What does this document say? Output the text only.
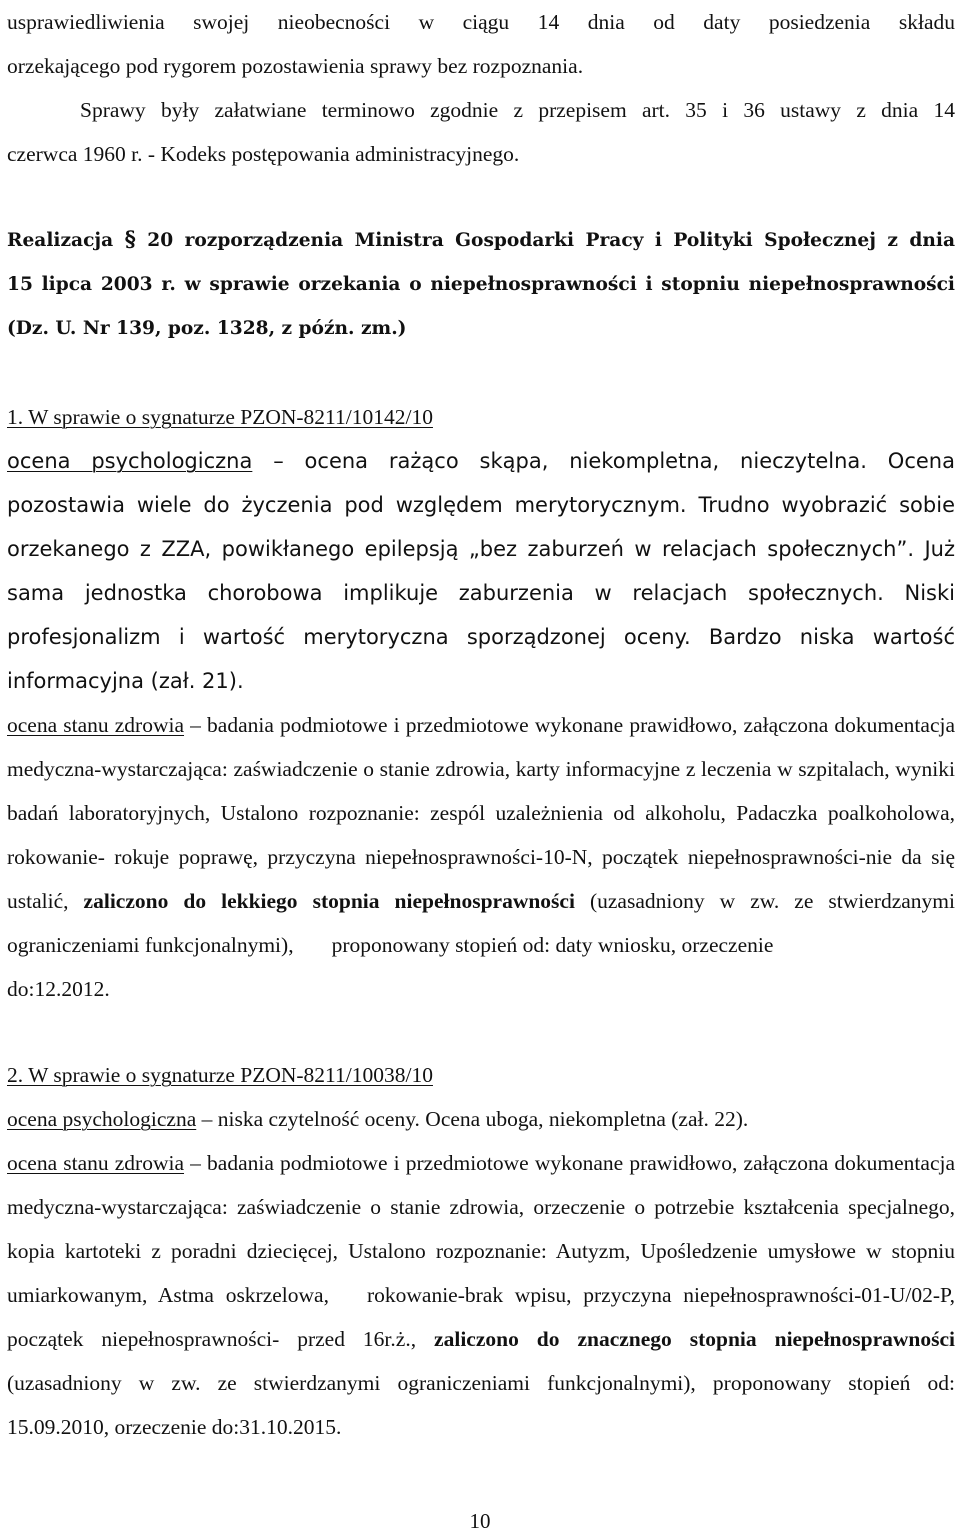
usprawiedliwienia swojej nieobecności w ciągu 14 dnia od daty posiedzenia składu

orzekającego pod rygorem pozostawienia sprawy bez rozpoznania.

Sprawy były załatwiane terminowo zgodnie z przepisem art. 35 i 36 ustawy z dnia 14

czerwca 1960 r. - Kodeks postępowania administracyjnego.

Realizacja § 20 rozporządzenia Ministra Gospodarki Pracy i Polityki Społecznej z dnia

15 lipca 2003 r. w sprawie orzekania o niepełnosprawności i stopniu niepełnosprawności

(Dz. U. Nr 139, poz. 1328, z późn. zm.)

1. W sprawie o sygnaturze PZON-8211/10142/10

ocena psychologiczna – ocena rażąco skąpa, niekompletna, nieczytelna. Ocena pozostawia wiele do życzenia pod względem merytorycznym. Trudno wyobrazić sobie orzekanego z ZZA, powikłanego epilepsją „bez zaburzeń w relacjach społecznych”. Już sama jednostka chorobowa implikuje zaburzenia w relacjach społecznych. Niski profesjonalizm i wartość merytoryczna sporządzonej oceny. Bardzo niska wartość informacyjna (zał. 21).

ocena stanu zdrowia – badania podmiotowe i przedmiotowe wykonane prawidłowo, załączona dokumentacja medyczna-wystarczająca: zaświadczenie o stanie zdrowia, karty informacyjne z leczenia w szpitalach, wyniki badań laboratoryjnych, Ustalono rozpoznanie: zespól uzależnienia od alkoholu, Padaczka poalkoholowa, rokowanie- rokuje poprawę, przyczyna niepełnosprawności-10-N, początek niepełnosprawności-nie da się ustalić, zaliczono do lekkiego stopnia niepełnosprawności (uzasadniony w zw. ze stwierdzanymi ograniczeniami funkcjonalnymi), proponowany stopień od: daty wniosku, orzeczenie

do:12.2012.

2. W sprawie o sygnaturze PZON-8211/10038/10

ocena psychologiczna – niska czytelność oceny. Ocena uboga, niekompletna (zał. 22).

ocena stanu zdrowia – badania podmiotowe i przedmiotowe wykonane prawidłowo, załączona dokumentacja medyczna-wystarczająca: zaświadczenie o stanie zdrowia, orzeczenie o potrzebie kształcenia specjalnego, kopia kartoteki z poradni dziecięcej, Ustalono rozpoznanie: Autyzm, Upośledzenie umysłowe w stopniu umiarkowanym, Astma oskrzelowa, rokowanie-brak wpisu, przyczyna niepełnosprawności-01-U/02-P, początek niepełnosprawności- przed 16r.ż., zaliczono do znacznego stopnia niepełnosprawności (uzasadniony w zw. ze stwierdzanymi ograniczeniami funkcjonalnymi), proponowany stopień od: 15.09.2010, orzeczenie do:31.10.2015.

10
